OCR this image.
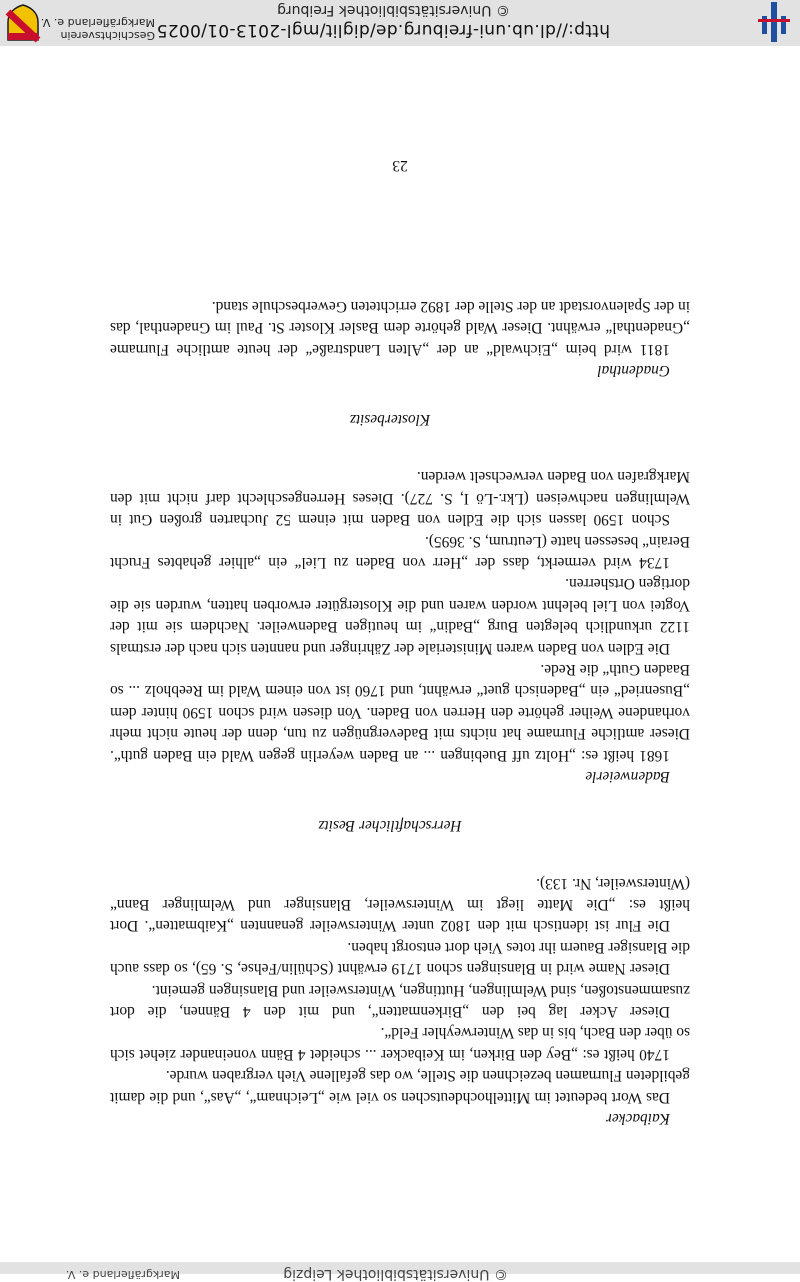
© Universitätsbibliothek Leipzig
Markgräflerland e. V.

Kaibacker

Das Wort bedeutet im Mittelhochdeutschen so viel wie „Leichnam“, „Aas“, und die damit gebildeten Flurnamen bezeichnen die Stelle, wo das gefallene Vieh vergraben wurde.

1740 heißt es: „Bey den Birken, im Keibacker ... scheidet 4 Bänn voneinander ziehet sich so über den Bach, bis in das Winterweyhler Feld“.

Dieser Acker lag bei den „Birkenmatten“, und mit den 4 Bännen, die dort zusammenstoßen, sind Welmlingen, Huttingen, Wintersweiler und Blansingen gemeint.

Dieser Name wird in Blansingen schon 1719 erwähnt (Schülin/Fehse, S. 65), so dass auch die Blansiger Bauern ihr totes Vieh dort entsorgt haben.

Die Flur ist identisch mit den 1802 unter Wintersweiler genannten „Kaibmatten“. Dort heißt es: „Die Matte liegt im Wintersweiler, Blansinger und Welmlinger Bann“ (Wintersweiler, Nr. 133).

Herrschaftlicher Besitz

Badenweierle

1681 heißt es: „Holtz uff Buebingen ... an Baden weyerlin gegen Wald ein Baden guth“. Dieser amtliche Flurname hat nichts mit Badevergnügen zu tun, denn der heute nicht mehr vorhandene Weiher gehörte den Herren von Baden. Von diesen wird schon 1590 hinter dem „Busenried“ ein „Badenisch guet“ erwähnt, und 1760 ist von einem Wald im Reebholz ... so Baaden Guth“ die Rede.

Die Edlen von Baden waren Ministeriale der Zähringer und nannten sich nach der erstmals 1122 urkundlich belegten Burg „Badin“ im heutigen Badenweiler. Nachdem sie mit der Vogtei von Liel belehnt worden waren und die Klostergüter erworben hatten, wurden sie die dortigen Ortsherren.

1734 wird vermerkt, dass der „Herr von Baden zu Liel“ ein „alhier gehabtes Frucht Berain“ besessen hatte (Leutrum, S. 3695).

Schon 1590 lassen sich die Edlen von Baden mit einem 52 Jucharten großen Gut in Welmlingen nachweisen (Lkr.-Lö I, S. 727). Dieses Herrengeschlecht darf nicht mit den Markgrafen von Baden verwechselt werden.

Klosterbesitz

Gnadenthal

1811 wird beim „Eichwald“ an der „Alten Landstraße“ der heute amtliche Flurname „Gnadenthal“ erwähnt. Dieser Wald gehörte dem Basler Kloster St. Paul im Gnadenthal, das in der Spalenvorstadt an der Stelle der 1892 errichteten Gewerbeschule stand.

23
http://dl.ub.uni-freiburg.de/diglit/mgl-2013-01/0025
© Universitätsbibliothek Freiburg
Geschichtsverein
Markgräflerland e. V.
